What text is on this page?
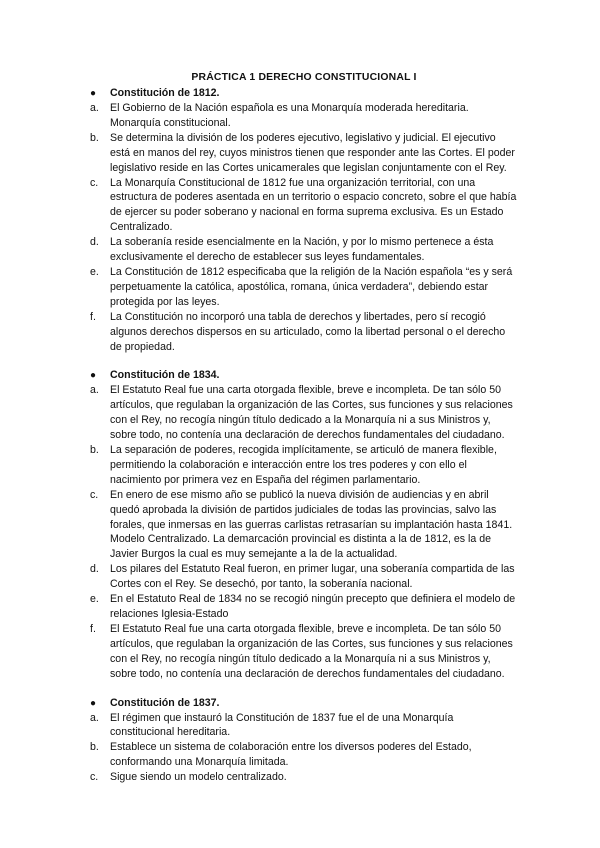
PRÁCTICA 1 DERECHO CONSTITUCIONAL I
● Constitución de 1812.
a. El Gobierno de la Nación española es una Monarquía moderada hereditaria. Monarquía constitucional.
b. Se determina la división de los poderes ejecutivo, legislativo y judicial. El ejecutivo está en manos del rey, cuyos ministros tienen que responder ante las Cortes. El poder legislativo reside en las Cortes unicamerales que legislan conjuntamente con el Rey.
c. La Monarquía Constitucional de 1812 fue una organización territorial, con una estructura de poderes asentada en un territorio o espacio concreto, sobre el que había de ejercer su poder soberano y nacional en forma suprema exclusiva. Es un Estado Centralizado.
d. La soberanía reside esencialmente en la Nación, y por lo mismo pertenece a ésta exclusivamente el derecho de establecer sus leyes fundamentales.
e. La Constitución de 1812 especificaba que la religión de la Nación española “es y será perpetuamente la católica, apostólica, romana, única verdadera”, debiendo estar protegida por las leyes.
f. La Constitución no incorporó una tabla de derechos y libertades, pero sí recogió algunos derechos dispersos en su articulado, como la libertad personal o el derecho de propiedad.
● Constitución de 1834.
a. El Estatuto Real fue una carta otorgada flexible, breve e incompleta. De tan sólo 50 artículos, que regulaban la organización de las Cortes, sus funciones y sus relaciones con el Rey, no recogía ningún título dedicado a la Monarquía ni a sus Ministros y, sobre todo, no contenía una declaración de derechos fundamentales del ciudadano.
b. La separación de poderes, recogida implícitamente, se articuló de manera flexible, permitiendo la colaboración e interacción entre los tres poderes y con ello el nacimiento por primera vez en España del régimen parlamentario.
c. En enero de ese mismo año se publicó la nueva división de audiencias y en abril quedó aprobada la división de partidos judiciales de todas las provincias, salvo las forales, que inmersas en las guerras carlistas retrasarían su implantación hasta 1841. Modelo Centralizado. La demarcación provincial es distinta a la de 1812, es la de Javier Burgos la cual es muy semejante a la de la actualidad.
d. Los pilares del Estatuto Real fueron, en primer lugar, una soberanía compartida de las Cortes con el Rey. Se desechó, por tanto, la soberanía nacional.
e. En el Estatuto Real de 1834 no se recogió ningún precepto que definiera el modelo de relaciones Iglesia-Estado
f. El Estatuto Real fue una carta otorgada flexible, breve e incompleta. De tan sólo 50 artículos, que regulaban la organización de las Cortes, sus funciones y sus relaciones con el Rey, no recogía ningún título dedicado a la Monarquía ni a sus Ministros y, sobre todo, no contenía una declaración de derechos fundamentales del ciudadano.
● Constitución de 1837.
a. El régimen que instauró la Constitución de 1837 fue el de una Monarquía constitucional hereditaria.
b. Establece un sistema de colaboración entre los diversos poderes del Estado, conformando una Monarquía limitada.
c. Sigue siendo un modelo centralizado.
